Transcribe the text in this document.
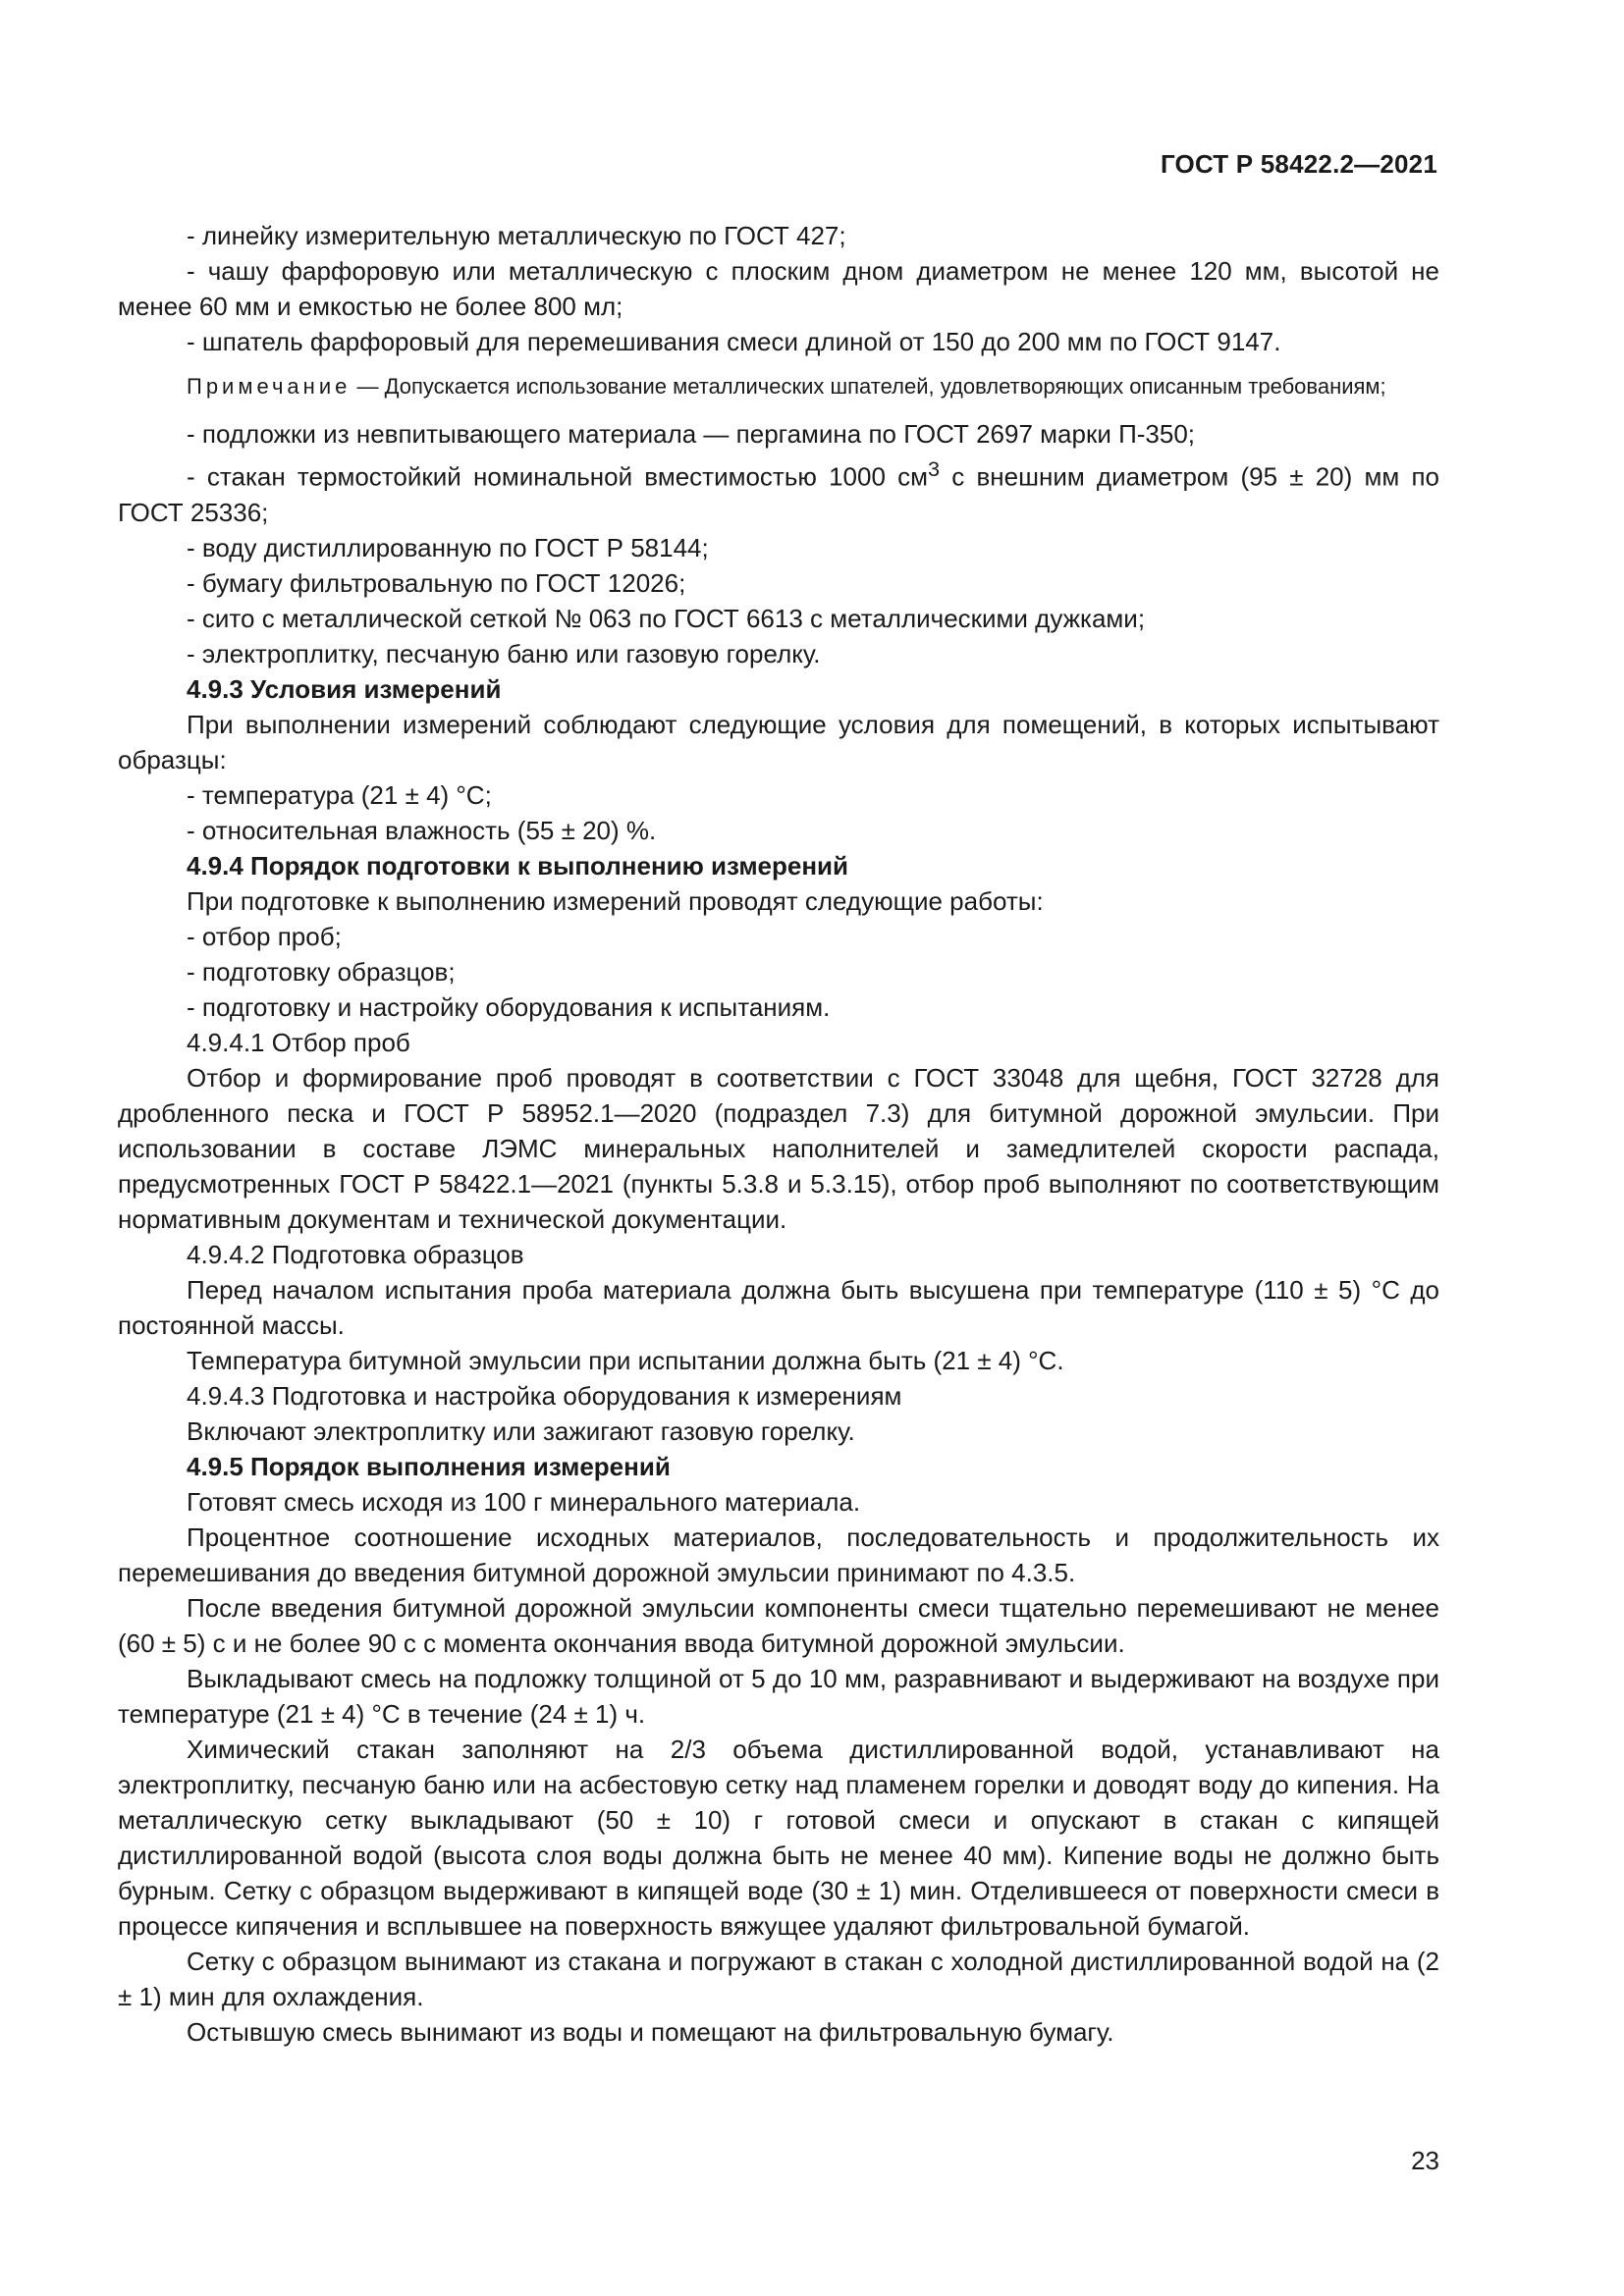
ГОСТ Р 58422.2—2021

- линейку измерительную металлическую по ГОСТ 427;

- чашу фарфоровую или металлическую с плоским дном диаметром не менее 120 мм, высотой не менее 60 мм и емкостью не более 800 мл;

- шпатель фарфоровый для перемешивания смеси длиной от 150 до 200 мм по ГОСТ 9147.

Примечание — Допускается использование металлических шпателей, удовлетворяющих описанным требованиям;

- подложки из невпитывающего материала — пергамина по ГОСТ 2697 марки П-350;

- стакан термостойкий номинальной вместимостью 1000 $см^3$ с внешним диаметром (95 ± 20) мм по ГОСТ 25336;

- воду дистиллированную по ГОСТ Р 58144;

- бумагу фильтровальную по ГОСТ 12026;

- сито с металлической сеткой № 063 по ГОСТ 6613 с металлическими дужками;

- электроплитку, песчаную баню или газовую горелку.

4.9.3 Условия измерений

При выполнении измерений соблюдают следующие условия для помещений, в которых испытывают образцы:

- температура (21 ± 4) °С;

- относительная влажность (55 ± 20) %.

4.9.4 Порядок подготовки к выполнению измерений

При подготовке к выполнению измерений проводят следующие работы:

- отбор проб;

- подготовку образцов;

- подготовку и настройку оборудования к испытаниям.

4.9.4.1 Отбор проб

Отбор и формирование проб проводят в соответствии с ГОСТ 33048 для щебня, ГОСТ 32728 для дробленного песка и ГОСТ Р 58952.1—2020 (подраздел 7.3) для битумной дорожной эмульсии. При использовании в составе ЛЭМС минеральных наполнителей и замедлителей скорости распада, предусмотренных ГОСТ Р 58422.1—2021 (пункты 5.3.8 и 5.3.15), отбор проб выполняют по соответствующим нормативным документам и технической документации.

4.9.4.2 Подготовка образцов

Перед началом испытания проба материала должна быть высушена при температуре (110 ± 5) °С до постоянной массы.

Температура битумной эмульсии при испытании должна быть (21 ± 4) °С.

4.9.4.3 Подготовка и настройка оборудования к измерениям

Включают электроплитку или зажигают газовую горелку.

4.9.5 Порядок выполнения измерений

Готовят смесь исходя из 100 г минерального материала.

Процентное соотношение исходных материалов, последовательность и продолжительность их перемешивания до введения битумной дорожной эмульсии принимают по 4.3.5.

После введения битумной дорожной эмульсии компоненты смеси тщательно перемешивают не менее (60 ± 5) с и не более 90 с с момента окончания ввода битумной дорожной эмульсии.

Выкладывают смесь на подложку толщиной от 5 до 10 мм, разравнивают и выдерживают на воздухе при температуре (21 ± 4) °С в течение (24 ± 1) ч.

Химический стакан заполняют на 2/3 объема дистиллированной водой, устанавливают на электроплитку, песчаную баню или на асбестовую сетку над пламенем горелки и доводят воду до кипения. На металлическую сетку выкладывают (50 ± 10) г готовой смеси и опускают в стакан с кипящей дистиллированной водой (высота слоя воды должна быть не менее 40 мм). Кипение воды не должно быть бурным. Сетку с образцом выдерживают в кипящей воде (30 ± 1) мин. Отделившееся от поверхности смеси в процессе кипячения и всплывшее на поверхность вяжущее удаляют фильтровальной бумагой.

Сетку с образцом вынимают из стакана и погружают в стакан с холодной дистиллированной водой на (2 ± 1) мин для охлаждения.

Остывшую смесь вынимают из воды и помещают на фильтровальную бумагу.

23
